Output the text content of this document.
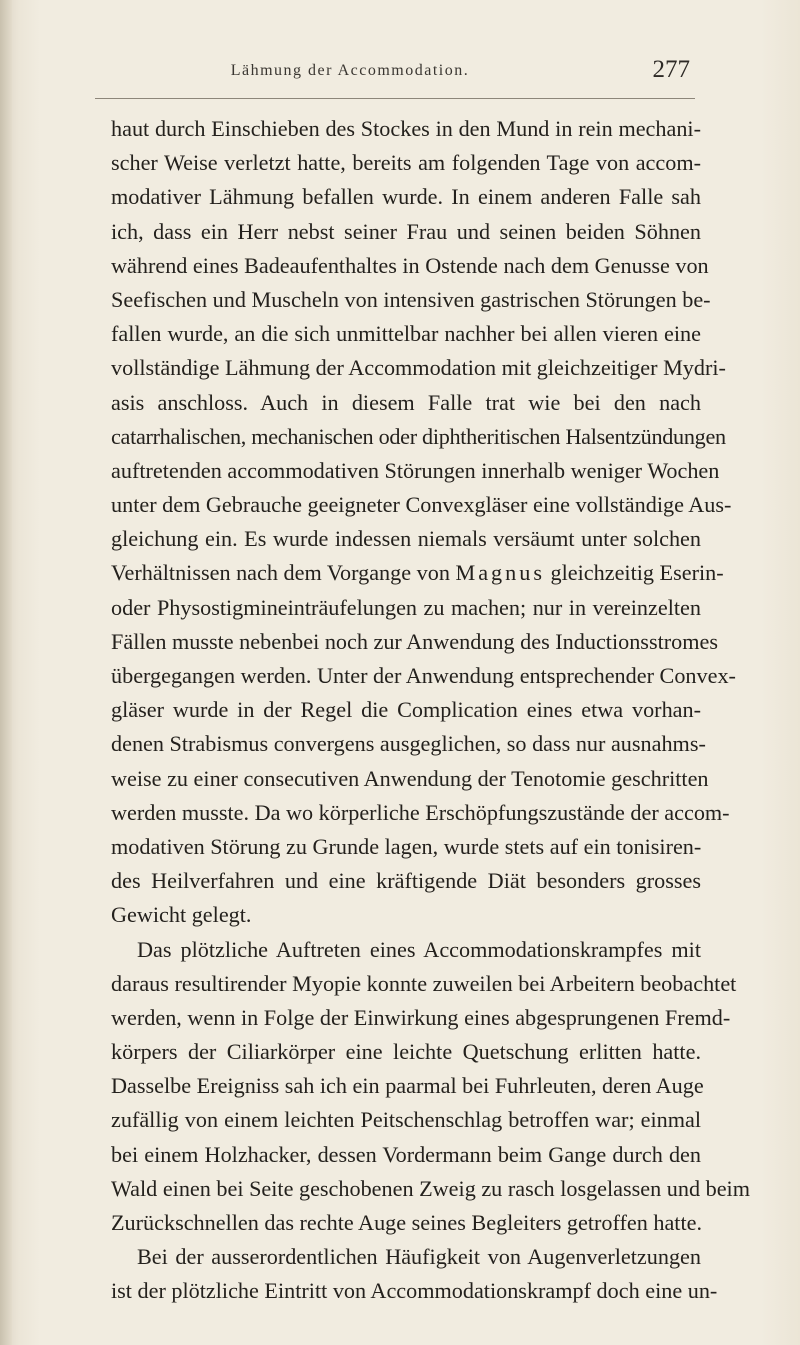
Lähmung der Accommodation.	277
haut durch Einschieben des Stockes in den Mund in rein mechani-
scher Weise verletzt hatte, bereits am folgenden Tage von accom-
modativer Lähmung befallen wurde. In einem anderen Falle sah
ich, dass ein Herr nebst seiner Frau und seinen beiden Söhnen
während eines Badeaufenthaltes in Ostende nach dem Genusse von
Seefischen und Muscheln von intensiven gastrischen Störungen be-
fallen wurde, an die sich unmittelbar nachher bei allen vieren eine
vollständige Lähmung der Accommodation mit gleichzeitiger Mydri-
asis anschloss. Auch in diesem Falle trat wie bei den nach
catarrhalischen, mechanischen oder diphtheritischen Halsentzündungen
auftretenden accommodativen Störungen innerhalb weniger Wochen
unter dem Gebrauche geeigneter Convexgläser eine vollständige Aus-
gleichung ein. Es wurde indessen niemals versäumt unter solchen
Verhältnissen nach dem Vorgange von Magnus gleichzeitig Eserin-
oder Physostigmineinträufelungen zu machen; nur in vereinzelten
Fällen musste nebenbei noch zur Anwendung des Inductionsstromes
übergegangen werden. Unter der Anwendung entsprechender Convex-
gläser wurde in der Regel die Complication eines etwa vorhan-
denen Strabismus convergens ausgeglichen, so dass nur ausnahms-
weise zu einer consecutiven Anwendung der Tenotomie geschritten
werden musste. Da wo körperliche Erschöpfungszustände der accom-
modativen Störung zu Grunde lagen, wurde stets auf ein tonisiren-
des Heilverfahren und eine kräftigende Diät besonders grosses
Gewicht gelegt.
Das plötzliche Auftreten eines Accommodationskrampfes mit
daraus resultirender Myopie konnte zuweilen bei Arbeitern beobachtet
werden, wenn in Folge der Einwirkung eines abgesprungenen Fremd-
körpers der Ciliarkörper eine leichte Quetschung erlitten hatte.
Dasselbe Ereigniss sah ich ein paarmal bei Fuhrleuten, deren Auge
zufällig von einem leichten Peitschenschlag betroffen war; einmal
bei einem Holzhacker, dessen Vordermann beim Gange durch den
Wald einen bei Seite geschobenen Zweig zu rasch losgelassen und beim
Zurückschnellen das rechte Auge seines Begleiters getroffen hatte.
Bei der ausserordentlichen Häufigkeit von Augenverletzungen
ist der plötzliche Eintritt von Accommodationskrampf doch eine un-
